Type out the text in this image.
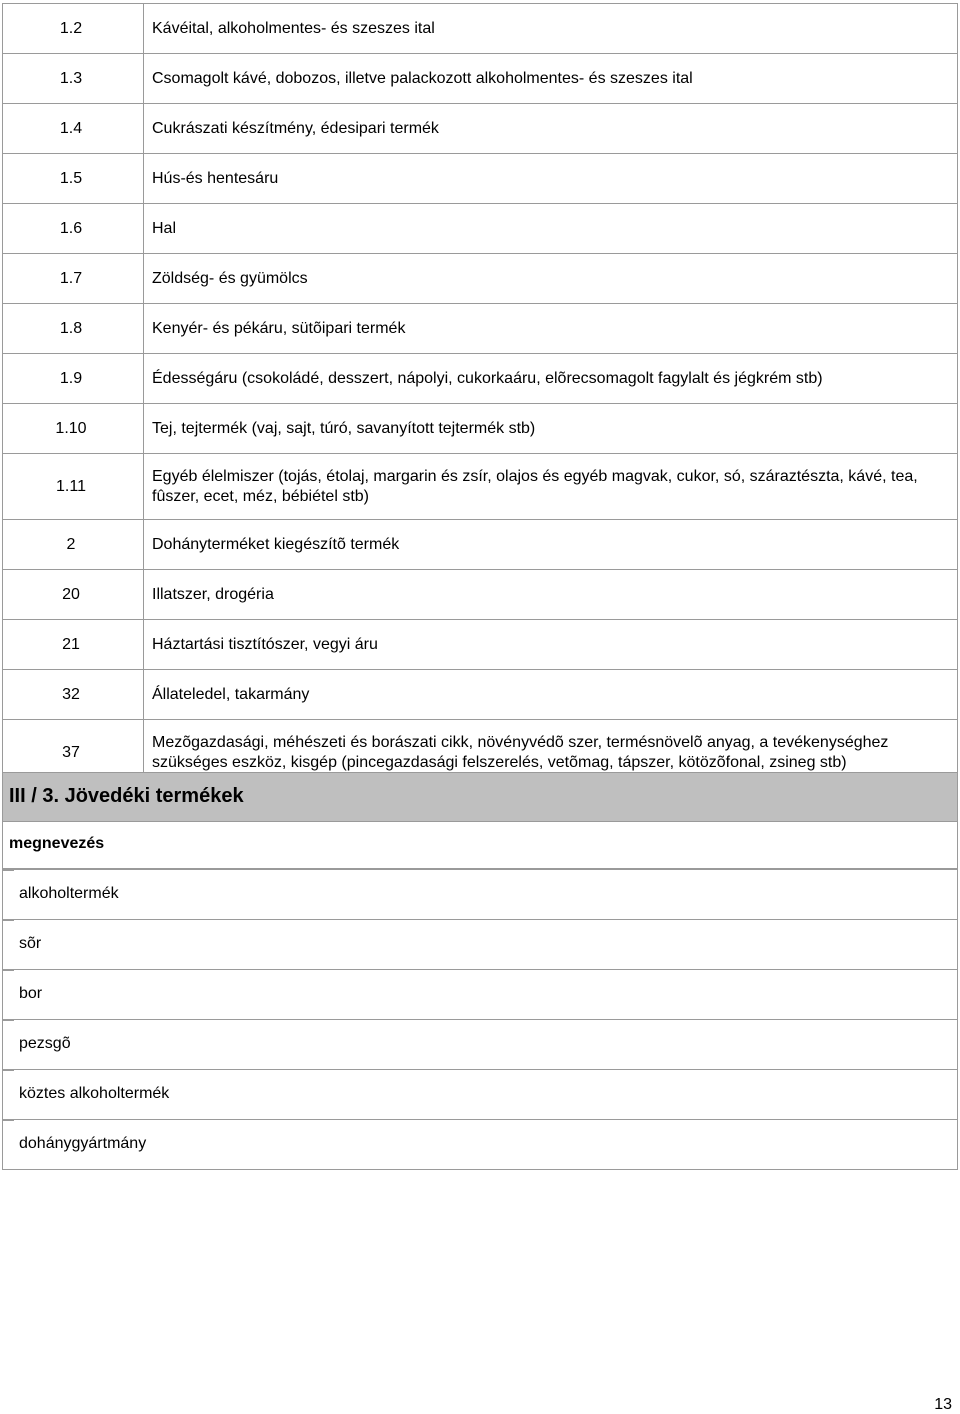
1.2	Kávéital, alkoholmentes- és szeszes ital
1.3	Csomagolt kávé, dobozos, illetve palackozott alkoholmentes- és szeszes ital
1.4	Cukrászati készítmény, édesipari termék
1.5	Hús-és hentesáru
1.6	Hal
1.7	Zöldség- és gyümölcs
1.8	Kenyér- és pékáru, sütõipari termék
1.9	Édességáru (csokoládé, desszert, nápolyi, cukorkaáru, elõrecsomagolt fagylalt és jégkrém stb)
1.10	Tej, tejtermék (vaj, sajt, túró, savanyított tejtermék stb)
1.11	Egyéb élelmiszer (tojás, étolaj, margarin és zsír, olajos és egyéb magvak, cukor, só, száraztészta, kávé, tea, fûszer, ecet, méz, bébiétel stb)
2	Dohányterméket kiegészítõ termék
20	Illatszer, drogéria
21	Háztartási tisztítószer, vegyi áru
32	Állateledel, takarmány
37	Mezõgazdasági, méhészeti és borászati cikk, növényvédõ szer, termésnövelõ anyag, a tevékenységhez szükséges eszköz, kisgép (pincegazdasági felszerelés, vetõmag, tápszer, kötözõfonal, zsineg stb)
III / 3. Jövedéki termékek
megnevezés
alkoholtermék
sõr
bor
pezsgõ
köztes alkoholtermék
dohánygyártmány
13
